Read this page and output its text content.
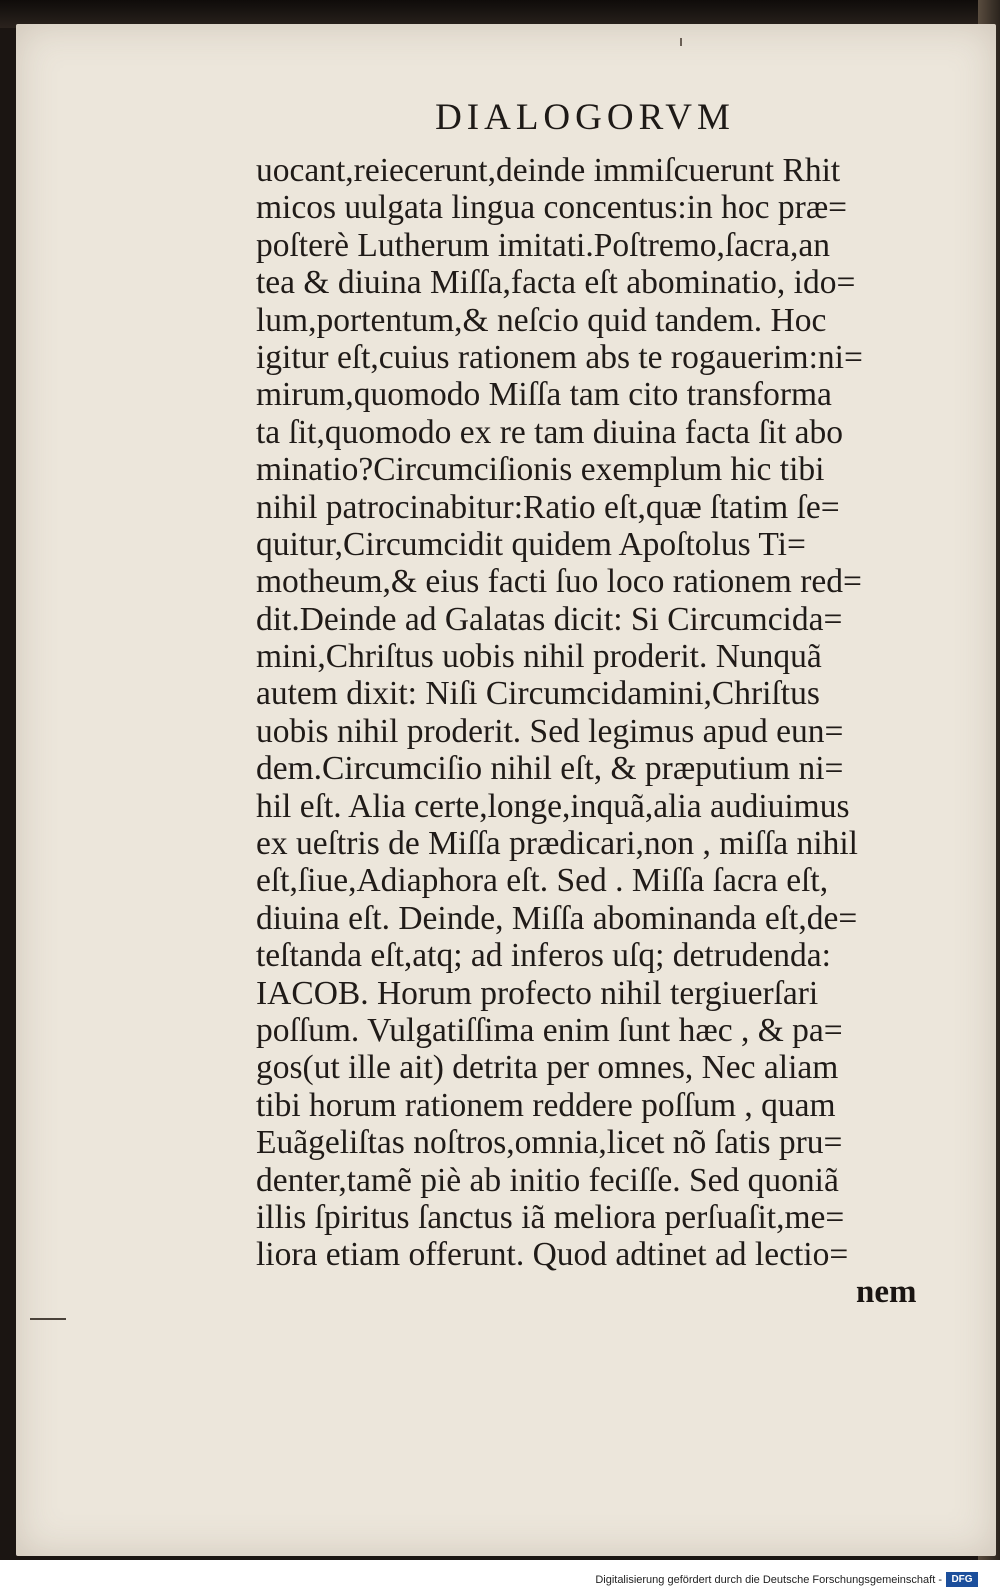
DIALOGORVM
uocant,reiecerunt,deinde immiſcuerunt Rhit
micos uulgata lingua concentus:in hoc præ=
poſterè Lutherum imitati.Poſtremo,ſacra,an
tea & diuina Miſſa,facta eſt abominatio, ido=
lum,portentum,& neſcio quid tandem. Hoc
igitur eſt,cuius rationem abs te rogauerim:ni=
mirum,quomodo Miſſa tam cito transforma
ta ſit,quomodo ex re tam diuina facta ſit abo
minatio?Circumciſionis exemplum hic tibi
nihil patrocinabitur:Ratio eſt,quæ ſtatim ſe=
quitur,Circumcidit quidem Apoſtolus Ti=
motheum,& eius facti ſuo loco rationem red=
dit.Deinde ad Galatas dicit: Si Circumcida=
mini,Chriſtus uobis nihil proderit. Nunquã
autem dixit: Niſi Circumcidamini,Chriſtus
uobis nihil proderit. Sed legimus apud eun=
dem.Circumciſio nihil eſt, & præputium ni=
hil eſt. Alia certe,longe,inquã,alia audiuimus
ex ueſtris de Miſſa prædicari,non , miſſa nihil
eſt,ſiue,Adiaphora eſt. Sed . Miſſa ſacra eſt,
diuina eſt. Deinde, Miſſa abominanda eſt,de=
teſtanda eſt,atq; ad inferos uſq; detrudenda:
IACOB. Horum profecto nihil tergiuerſari
poſſum. Vulgatiſſima enim ſunt hæc , & pa=
gos(ut ille ait) detrita per omnes, Nec aliam
tibi horum rationem reddere poſſum , quam
Euãgeliſtas noſtros,omnia,licet nõ ſatis pru=
denter,tamẽ piè ab initio feciſſe. Sed quoniã
illis ſpiritus ſanctus iã meliora perſuaſit,me=
liora etiam offerunt. Quod adtinet ad lectio=
nem
Digitalisierung gefördert durch die Deutsche Forschungsgemeinschaft - DFG
